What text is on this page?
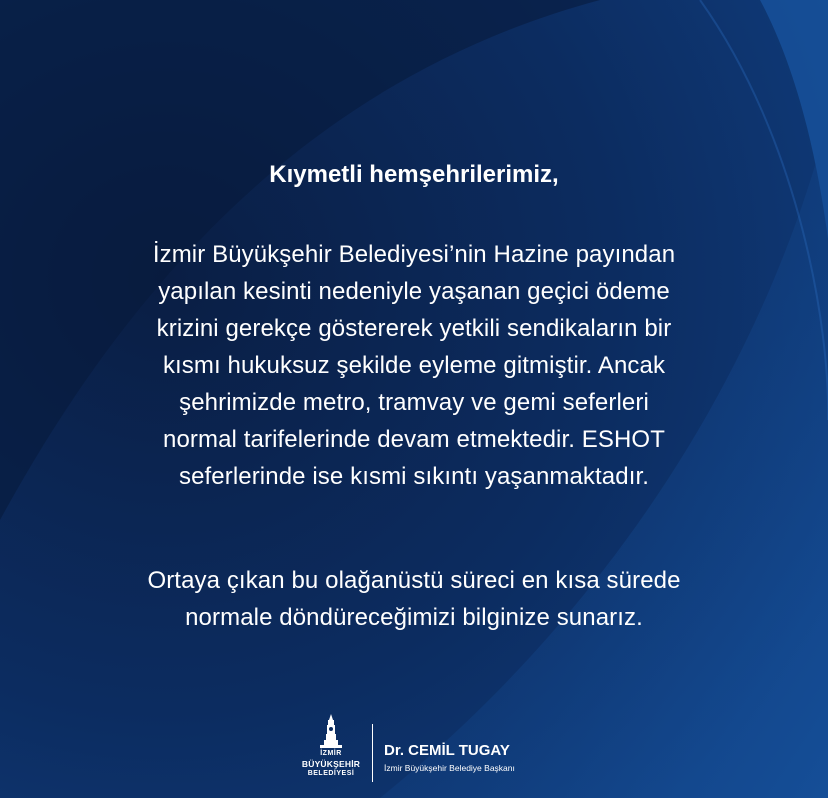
Kıymetli hemşehrilerimiz,
İzmir Büyükşehir Belediyesi’nin Hazine payından
yapılan kesinti nedeniyle yaşanan geçici ödeme
krizini gerekçe göstererek yetkili sendikaların bir
kısmı hukuksuz şekilde eyleme gitmiştir. Ancak
şehrimizde metro, tramvay ve gemi seferleri
normal tarifelerinde devam etmektedir. ESHOT
seferlerinde ise kısmi sıkıntı yaşanmaktadır.
Ortaya çıkan bu olağanüstü süreci en kısa sürede
normale döndüreceğimizi bilginize sunarız.
İZMİR
BÜYÜKŞEHİR
BELEDİYESİ
Dr. CEMİL TUGAY
İzmir Büyükşehir Belediye Başkanı
